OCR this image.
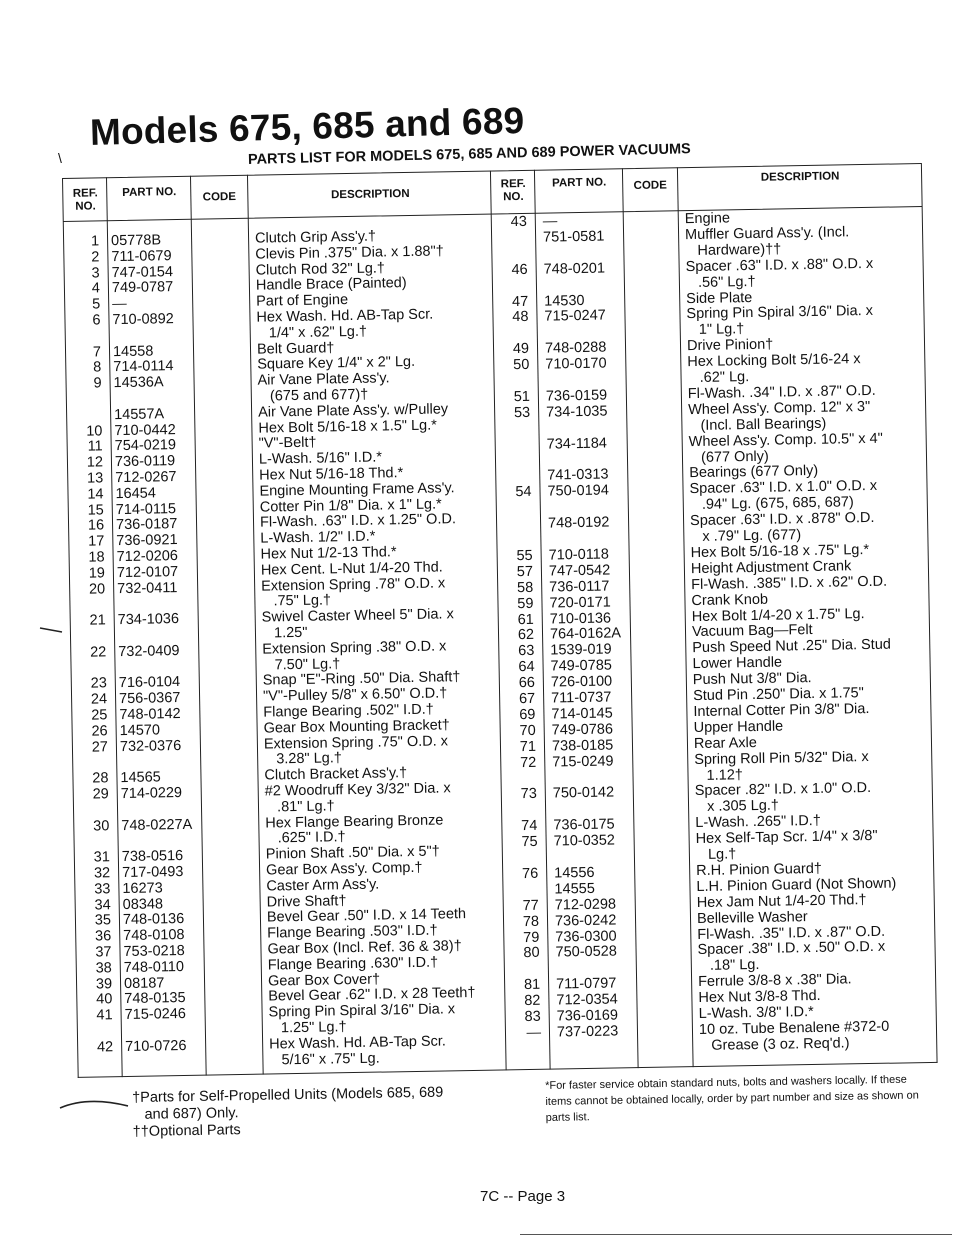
\
Models 675, 685 and 689
PARTS LIST FOR MODELS 675, 685 AND 689 POWER VACUUMS
REF. NO.
PART NO.	CODE	DESCRIPTION
REF. NO.
PART NO.	CODE
DESCRIPTION
1 05778B	Clutch Grip Ass'y.†
2 711-0679	Clevis Pin .375" Dia. x 1.88"†
3 747-0154	Clutch Rod 32" Lg.†
4 749-0787	Handle Brace (Painted)
5 —	Part of Engine
6 710-0892	Hex Wash. Hd. AB-Tap Scr.
1/4" x .62" Lg.†
7 14558	Belt Guard†
8 714-0114	Square Key 1/4" x 2" Lg.
9 14536A	Air Vane Plate Ass'y.
(675 and 677)†
14557A	Air Vane Plate Ass'y. w/Pulley
10 710-0442	Hex Bolt 5/16-18 x 1.5" Lg.*
11 754-0219	"V"-Belt†
12 736-0119	L-Wash. 5/16" I.D.*
13 712-0267	Hex Nut 5/16-18 Thd.*
14 16454	Engine Mounting Frame Ass'y.
15 714-0115	Cotter Pin 1/8" Dia. x 1" Lg.*
16 736-0187	Fl-Wash. .63" I.D. x 1.25" O.D.
17 736-0921	L-Wash. 1/2" I.D.*
18 712-0206	Hex Nut 1/2-13 Thd.*
19 712-0107	Hex Cent. L-Nut 1/4-20 Thd.
20 732-0411	Extension Spring .78" O.D. x
.75" Lg.†
21 734-1036	Swivel Caster Wheel 5" Dia. x
1.25"
22 732-0409	Extension Spring .38" O.D. x
7.50" Lg.†
23 716-0104	Snap "E"-Ring .50" Dia. Shaft†
24 756-0367	"V"-Pulley 5/8" x 6.50" O.D.†
25 748-0142	Flange Bearing .502" I.D.†
26 14570	Gear Box Mounting Bracket†
27 732-0376	Extension Spring .75" O.D. x
3.28" Lg.†
28 14565	Clutch Bracket Ass'y.†
29 714-0229	#2 Woodruff Key 3/32" Dia. x
.81" Lg.†
30 748-0227A	Hex Flange Bearing Bronze
.625" I.D.†
31 738-0516	Pinion Shaft .50" Dia. x 5"†
32 717-0493	Gear Box Ass'y. Comp.†
33 16273	Caster Arm Ass'y.
34 08348	Drive Shaft†
35 748-0136	Bevel Gear .50" I.D. x 14 Teeth
36 748-0108	Flange Bearing .503" I.D.†
37 753-0218	Gear Box (Incl. Ref. 36 & 38)†
38 748-0110	Flange Bearing .630" I.D.†
39 08187	Gear Box Cover†
40 748-0135	Bevel Gear .62" I.D. x 28 Teeth†
41 715-0246	Spring Pin Spiral 3/16" Dia. x
1.25" Lg.†
42 710-0726	Hex Wash. Hd. AB-Tap Scr.
5/16" x .75" Lg.
43 —	Engine
751-0581	Muffler Guard Ass'y. (Incl.
Hardware)††
46 748-0201	Spacer .63" I.D. x .88" O.D. x
.56" Lg.†
47 14530	Side Plate
48 715-0247	Spring Pin Spiral 3/16" Dia. x
1" Lg.†
49 748-0288	Drive Pinion†
50 710-0170	Hex Locking Bolt 5/16-24 x
.62" Lg.
51 736-0159	Fl-Wash. .34" I.D. x .87" O.D.
53 734-1035	Wheel Ass'y. Comp. 12" x 3"
(Incl. Ball Bearings)
734-1184	Wheel Ass'y. Comp. 10.5" x 4"
(677 Only)
741-0313	Bearings (677 Only)
54 750-0194	Spacer .63" I.D. x 1.0" O.D. x
.94" Lg. (675, 685, 687)
748-0192	Spacer .63" I.D. x .878" O.D.
x .79" Lg. (677)
55 710-0118	Hex Bolt 5/16-18 x .75" Lg.*
57 747-0542	Height Adjustment Crank
58 736-0117	Fl-Wash. .385" I.D. x .62" O.D.
59 720-0171	Crank Knob
61 710-0136	Hex Bolt 1/4-20 x 1.75" Lg.
62 764-0162A	Vacuum Bag—Felt
63 1539-019	Push Speed Nut .25" Dia. Stud
64 749-0785	Lower Handle
66 726-0100	Push Nut 3/8" Dia.
67 711-0737	Stud Pin .250" Dia. x 1.75"
69 714-0145	Internal Cotter Pin 3/8" Dia.
70 749-0786	Upper Handle
71 738-0185	Rear Axle
72 715-0249	Spring Roll Pin 5/32" Dia. x
1.12†
73 750-0142	Spacer .82" I.D. x 1.0" O.D.
x .305 Lg.†
74 736-0175	L-Wash. .265" I.D.†
75 710-0352	Hex Self-Tap Scr. 1/4" x 3/8"
Lg.†
76 14556	R.H. Pinion Guard†
14555	L.H. Pinion Guard (Not Shown)
77 712-0298	Hex Jam Nut 1/4-20 Thd.†
78 736-0242	Belleville Washer
79 736-0300	Fl-Wash. .35" I.D. x .87" O.D.
80 750-0528	Spacer .38" I.D. x .50" O.D. x
.18" Lg.
81 711-0797	Ferrule 3/8-8 x .38" Dia.
82 712-0354	Hex Nut 3/8-8 Thd.
83 736-0169	L-Wash. 3/8" I.D.*
— 737-0223	10 oz. Tube Benalene #372-0
Grease (3 oz. Req'd.)
†Parts for Self-Propelled Units (Models 685, 689
and 687) Only.
††Optional Parts
*For faster service obtain standard nuts, bolts and washers locally. If these items cannot be obtained locally, order by part number and size as shown on parts list.
7C -- Page 3
